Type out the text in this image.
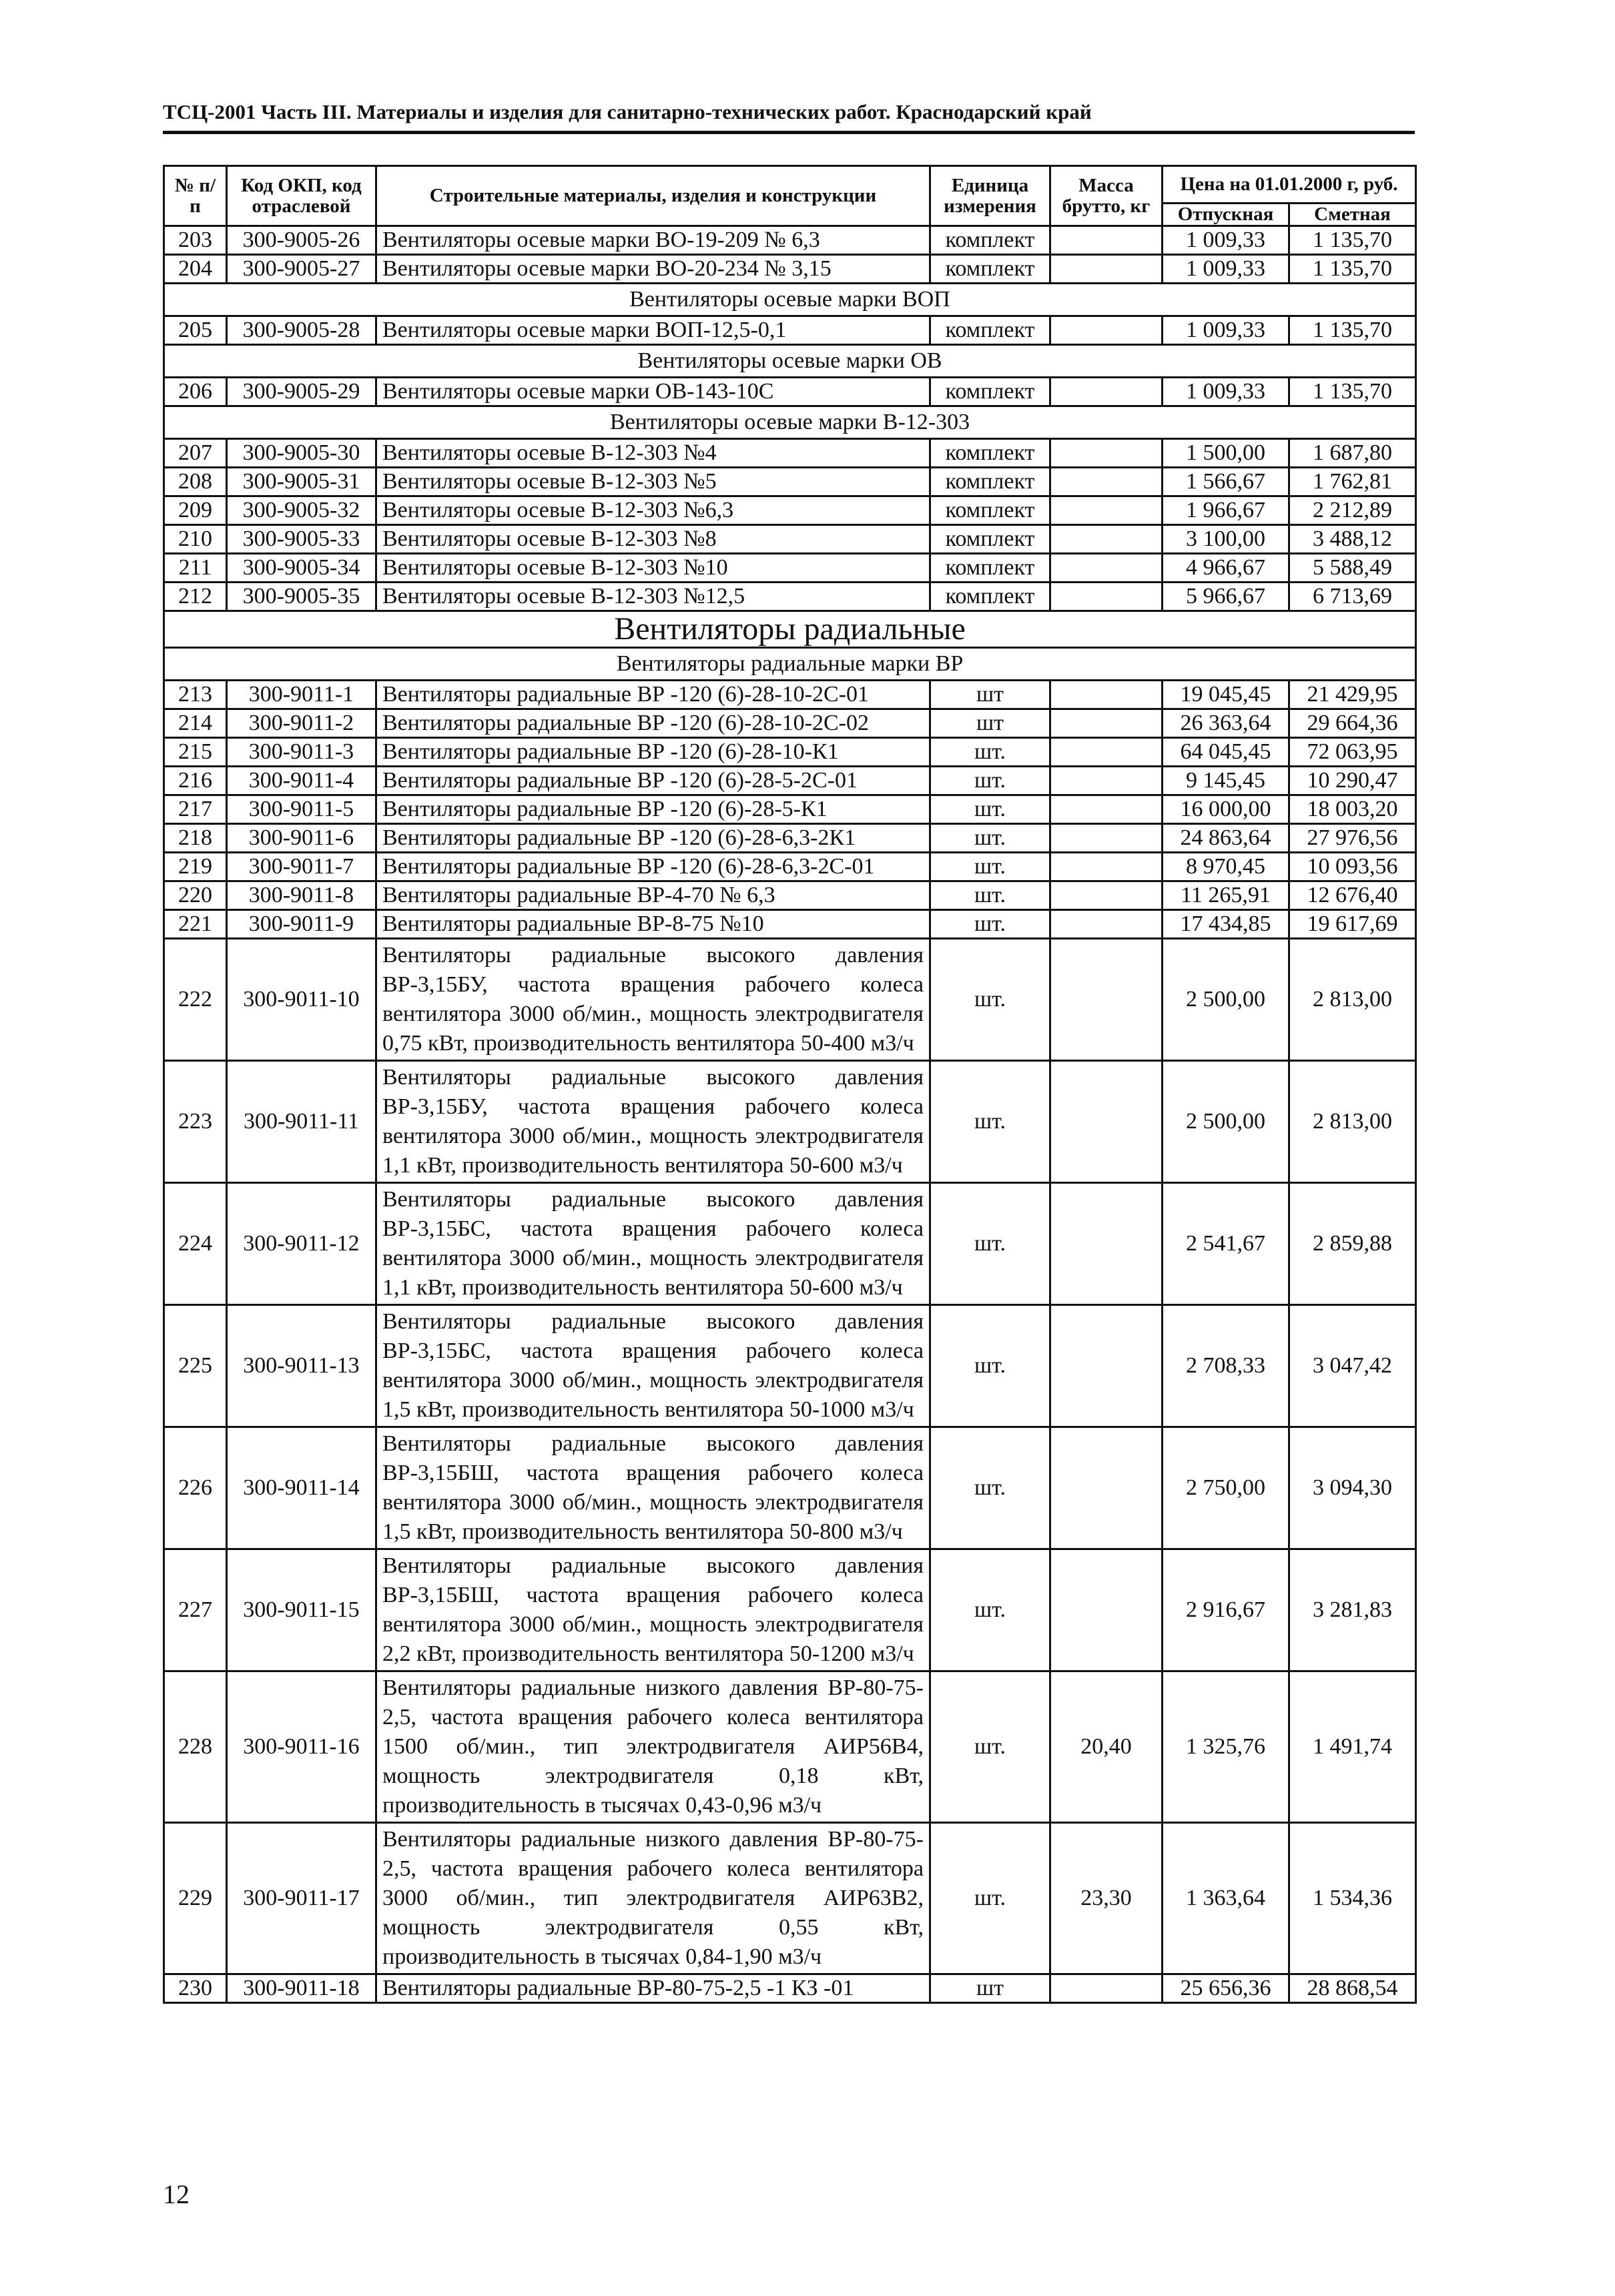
ТСЦ-2001 Часть III. Материалы и изделия для санитарно-технических работ. Краснодарский край
№ п/п	Код ОКП, код отраслевой	Строительные материалы, изделия и конструкции	Единица измерения	Масса брутто, кг	Цена на 01.01.2000 г, руб.	
					Отпускная	Сметная
203	300-9005-26	Вентиляторы осевые марки ВО-19-209 № 6,3	комплект		1 009,33	1 135,70
204	300-9005-27	Вентиляторы осевые марки ВО-20-234 № 3,15	комплект		1 009,33	1 135,70
Вентиляторы осевые марки ВОП						
205	300-9005-28	Вентиляторы осевые марки ВОП-12,5-0,1	комплект		1 009,33	1 135,70
Вентиляторы осевые марки ОВ						
206	300-9005-29	Вентиляторы осевые марки ОВ-143-10С	комплект		1 009,33	1 135,70
Вентиляторы осевые марки В-12-303						
207	300-9005-30	Вентиляторы осевые В-12-303 №4	комплект		1 500,00	1 687,80
208	300-9005-31	Вентиляторы осевые В-12-303 №5	комплект		1 566,67	1 762,81
209	300-9005-32	Вентиляторы осевые В-12-303 №6,3	комплект		1 966,67	2 212,89
210	300-9005-33	Вентиляторы осевые В-12-303 №8	комплект		3 100,00	3 488,12
211	300-9005-34	Вентиляторы осевые В-12-303 №10	комплект		4 966,67	5 588,49
212	300-9005-35	Вентиляторы осевые В-12-303 №12,5	комплект		5 966,67	6 713,69
Вентиляторы радиальные						
Вентиляторы радиальные марки ВР						
213	300-9011-1	Вентиляторы радиальные ВР -120 (6)-28-10-2С-01	шт		19 045,45	21 429,95
214	300-9011-2	Вентиляторы радиальные ВР -120 (6)-28-10-2С-02	шт		26 363,64	29 664,36
215	300-9011-3	Вентиляторы радиальные ВР -120 (6)-28-10-К1	шт.		64 045,45	72 063,95
216	300-9011-4	Вентиляторы радиальные ВР -120 (6)-28-5-2С-01	шт.		9 145,45	10 290,47
217	300-9011-5	Вентиляторы радиальные ВР -120 (6)-28-5-К1	шт.		16 000,00	18 003,20
218	300-9011-6	Вентиляторы радиальные ВР -120 (6)-28-6,3-2К1	шт.		24 863,64	27 976,56
219	300-9011-7	Вентиляторы радиальные ВР -120 (6)-28-6,3-2С-01	шт.		8 970,45	10 093,56
220	300-9011-8	Вентиляторы радиальные ВР-4-70 № 6,3	шт.		11 265,91	12 676,40
221	300-9011-9	Вентиляторы радиальные ВР-8-75 №10	шт.		17 434,85	19 617,69
222	300-9011-10	Вентиляторы радиальные высокого давления ВР-3,15БУ, частота вращения рабочего колеса вентилятора 3000 об/мин., мощность электродвигателя 0,75 кВт, производительность вентилятора 50-400 м3/ч	шт.		2 500,00	2 813,00
223	300-9011-11	Вентиляторы радиальные высокого давления ВР-3,15БУ, частота вращения рабочего колеса вентилятора 3000 об/мин., мощность электродвигателя 1,1 кВт, производительность вентилятора 50-600 м3/ч	шт.		2 500,00	2 813,00
224	300-9011-12	Вентиляторы радиальные высокого давления ВР-3,15БС, частота вращения рабочего колеса вентилятора 3000 об/мин., мощность электродвигателя 1,1 кВт, производительность вентилятора 50-600 м3/ч	шт.		2 541,67	2 859,88
225	300-9011-13	Вентиляторы радиальные высокого давления ВР-3,15БС, частота вращения рабочего колеса вентилятора 3000 об/мин., мощность электродвигателя 1,5 кВт, производительность вентилятора 50-1000 м3/ч	шт.		2 708,33	3 047,42
226	300-9011-14	Вентиляторы радиальные высокого давления ВР-3,15БШ, частота вращения рабочего колеса вентилятора 3000 об/мин., мощность электродвигателя 1,5 кВт, производительность вентилятора 50-800 м3/ч	шт.		2 750,00	3 094,30
227	300-9011-15	Вентиляторы радиальные высокого давления ВР-3,15БШ, частота вращения рабочего колеса вентилятора 3000 об/мин., мощность электродвигателя 2,2 кВт, производительность вентилятора 50-1200 м3/ч	шт.		2 916,67	3 281,83
228	300-9011-16	Вентиляторы радиальные низкого давления ВР-80-75-2,5, частота вращения рабочего колеса вентилятора 1500 об/мин., тип электродвигателя АИР56В4, мощность электродвигателя 0,18 кВт, производительность в тысячах 0,43-0,96 м3/ч	шт.	20,40	1 325,76	1 491,74
229	300-9011-17	Вентиляторы радиальные низкого давления ВР-80-75-2,5, частота вращения рабочего колеса вентилятора 3000 об/мин., тип электродвигателя АИР63В2, мощность электродвигателя 0,55 кВт, производительность в тысячах 0,84-1,90 м3/ч	шт.	23,30	1 363,64	1 534,36
230	300-9011-18	Вентиляторы радиальные ВР-80-75-2,5 -1 КЗ -01	шт		25 656,36	28 868,54
12
